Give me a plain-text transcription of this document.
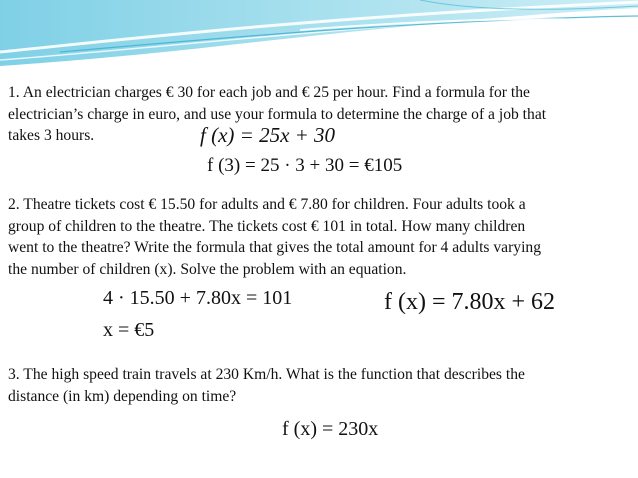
1. An electrician charges € 30 for each job and € 25 per hour. Find a formula for the
electrician’s charge in euro, and use your formula to determine the charge of a job that
takes 3 hours.	f (x) = 25x + 30
f (3) = 25 · 3 + 30 = €105
2. Theatre tickets cost € 15.50 for adults and € 7.80 for children. Four adults took a
group of children to the theatre. The tickets cost € 101 in total. How many children
went to the theatre? Write the formula that gives the total amount for 4 adults varying
the number of children (x). Solve the problem with an equation.
4 · 15.50 + 7.80x = 101
x = €5
f (x) = 7.80x + 62
3. The high speed train travels at 230 Km/h. What is the function that describes the
distance (in km) depending on time?
f (x) = 230x
